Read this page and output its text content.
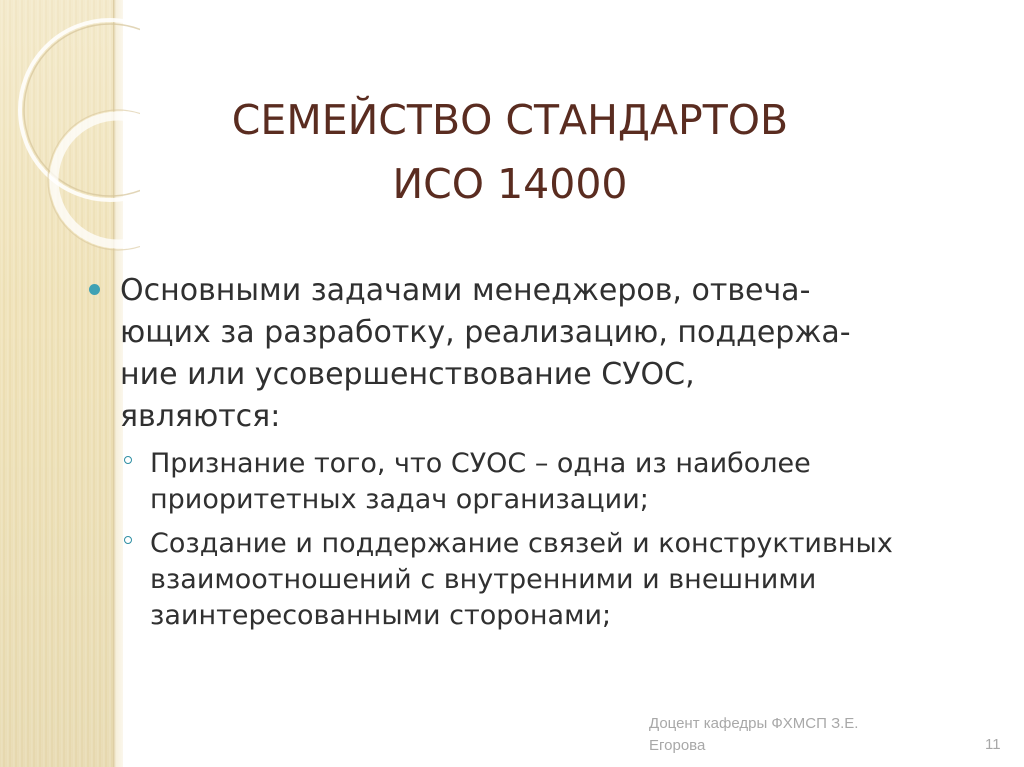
СЕМЕЙСТВО СТАНДАРТОВ
ИСО 14000
Основными задачами менеджеров, отвеча-
ющих за разработку, реализацию, поддержа-
ние или усовершенствование СУОС,
являются:
Признание того, что СУОС – одна из наиболее
приоритетных задач организации;
Создание и поддержание связей и конструктивных
взаимоотношений с внутренними и внешними
заинтересованными сторонами;
Доцент кафедры ФХМСП З.Е.
Егорова	11
